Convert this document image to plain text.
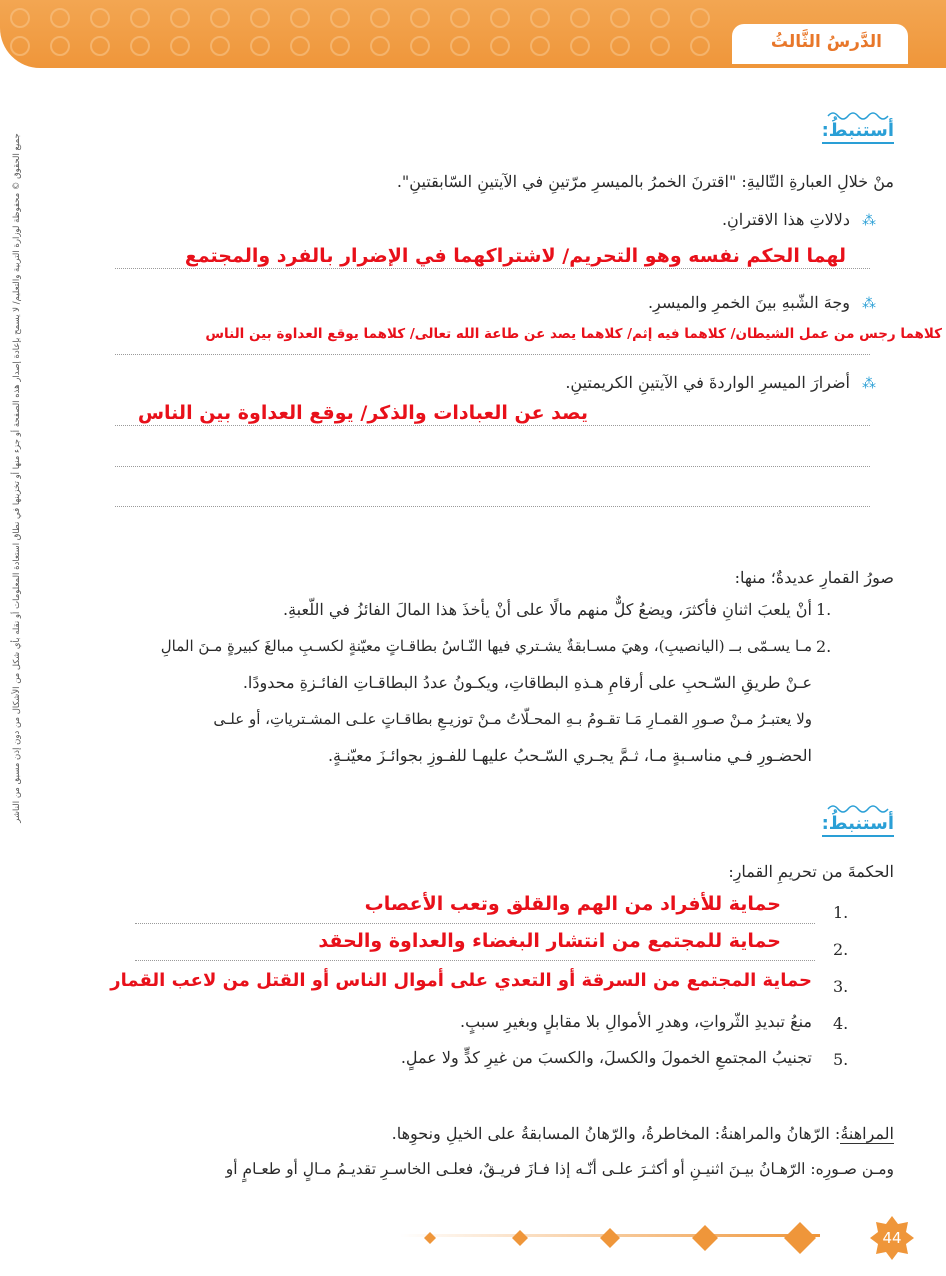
الدَّرسُ الثَّالثُ
جميع الحقوق © محفوظة لوزارة التربية والتعليم/ لا يسمح بإعادة إصدار هذه الصفحة أو جزء منها أو تخزينها في نطاق استعادة المعلومات أو نقله بأي شكل من الأشكال من دون إذن مسبق من الناشر
أستنبطُ:
منْ خلالِ العبارةِ التّاليةِ: "اقترنَ الخمرُ بالميسرِ مرّتينِ في الآيتينِ السّابقتينِ".
⁂
دلالاتِ هذا الاقترانِ.
لهما الحكم نفسه وهو التحريم/ لاشتراكهما في الإضرار بالفرد والمجتمع
⁂
وجهَ الشّبهِ بينَ الخمرِ والميسرِ.
كلاهما رجس من عمل الشيطان/ كلاهما فيه إثم/ كلاهما يصد عن طاعة الله تعالى/ كلاهما يوقع العداوة بين الناس
⁂
أضرارَ الميسرِ الواردةَ في الآيتينِ الكريمتينِ.
يصد عن العبادات والذكر/ يوقع العداوة بين الناس
صورُ القمارِ عديدةٌ؛ منها:
1.
أنْ يلعبَ اثنانِ فأكثرَ، ويضعُ كلٌّ منهم مالًا على أنْ يأخذَ هذا المالَ الفائزُ في اللّعبةِ.
2.
مـا يسـمّى بــ (اليانصيبِ)، وهيَ مسـابقةٌ يشـتري فيها النّـاسُ بطاقـاتٍ معيّنةٍ لكسـبِ مبالغَ كبيرةٍ مـنَ المالِ
عـنْ طريقِ السّـحبِ على أرقامِ هـذهِ البطاقاتِ، ويكـونُ عددُ البطاقـاتِ الفائـزةِ محدودًا.
ولا يعتبـرُ مـنْ صـورِ القمـارِ مَـا تقـومُ بـهِ المحـلّاتُ مـنْ توزيـعِ بطاقـاتٍ علـى المشـترياتِ، أو علـى
الحضـورِ فـي مناسـبةٍ مـا، ثـمَّ يجـري السّـحبُ عليهـا للفـوزِ بجوائـزَ معيّنـةٍ.
أستنبطُ:
الحكمةَ من تحريمِ القمارِ:
1.
حماية للأفراد من الهم والقلق وتعب الأعصاب
2.
حماية للمجتمع من انتشار البغضاء والعداوة والحقد
3.
حماية المجتمع من السرقة أو التعدي على أموال الناس أو القتل من لاعب القمار
4.
منعُ تبديدِ الثّرواتِ، وهدرِ الأموالِ بلا مقابلٍ وبغيرِ سببٍ.
5.
تجنيبُ المجتمعِ الخمولَ والكسلَ، والكسبَ من غيرِ كدٍّ ولا عملٍ.
المراهنةُ: الرّهانُ والمراهنةُ: المخاطرةُ، والرّهانُ المسابقةُ على الخيلِ ونحوِها.
ومـن صـورِه: الرّهـانُ بيـنَ اثنيـنِ أو أكثـرَ علـى أنّـه إذا فـازَ فريـقٌ، فعلـى الخاسـرِ تقديـمُ مـالٍ أو طعـامٍ أو
44
